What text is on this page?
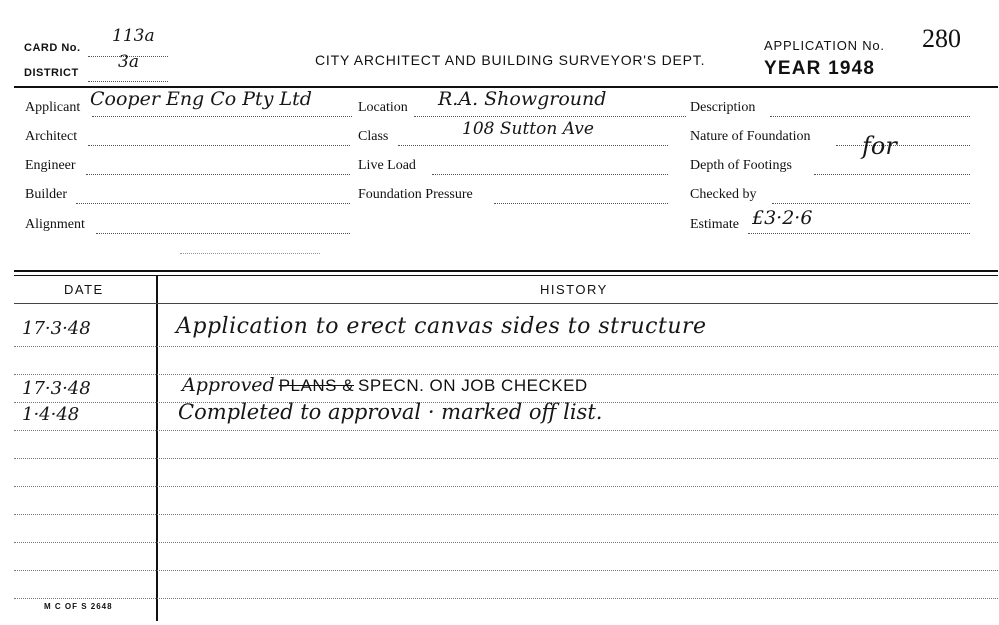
CARD No.
113a
DISTRICT
3a	CITY ARCHITECT AND BUILDING SURVEYOR'S DEPT.
APPLICATION No. 280
YEAR 1948
Applicant Cooper Eng Co Pty Ltd	Location R.A. Showground	Description
Architect	Class	108 Sutton Ave	Nature of Foundation for
Engineer	Live Load	Depth of Footings
Builder	Foundation Pressure	Checked by
Alignment	Estimate £3·2·6
DATE	HISTORY
17·3·48	Application to erect canvas sides to structure
17·3·48	Approved PLANS & SPECN. ON JOB CHECKED
1·4·48	Completed to approval · marked off list.
M C OF S 2648
